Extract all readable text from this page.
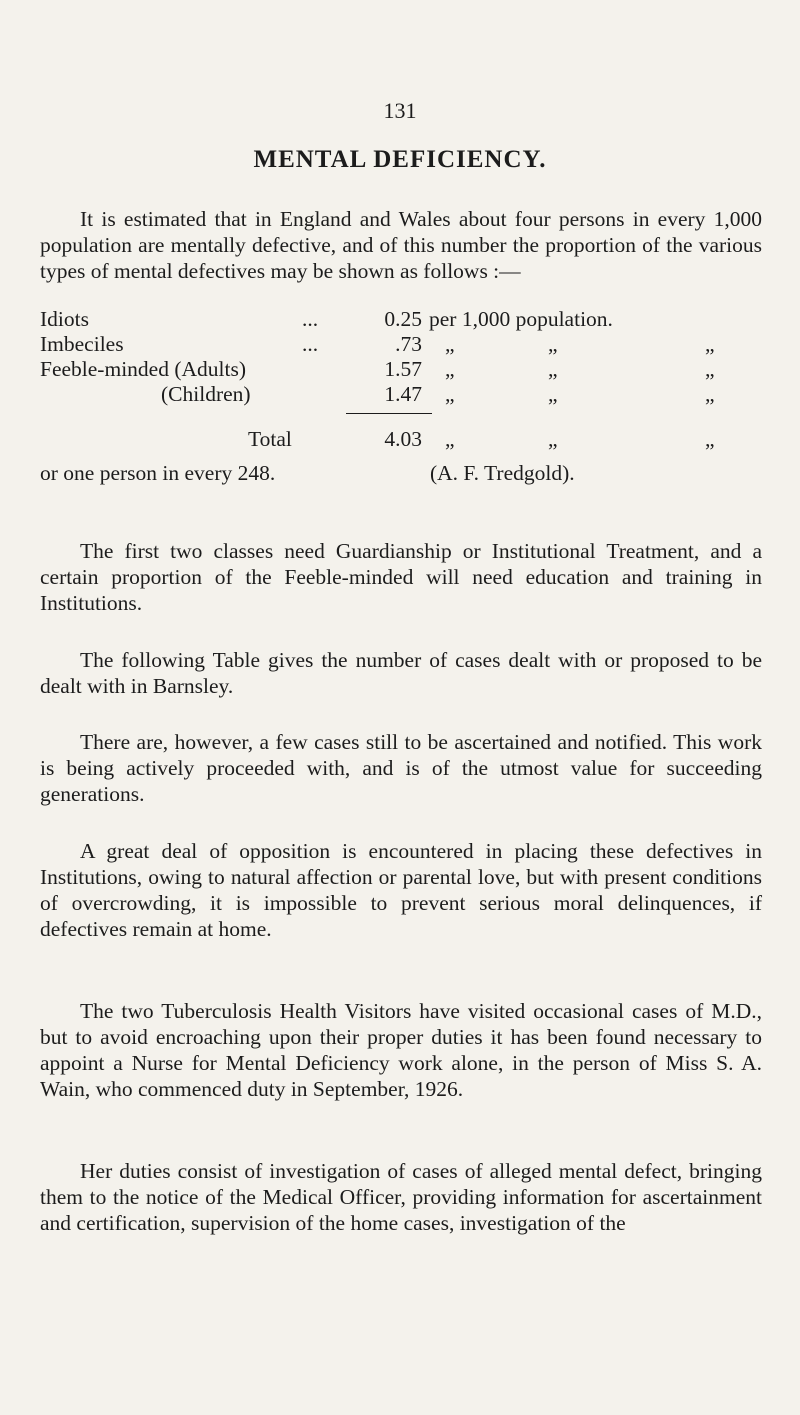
131
MENTAL DEFICIENCY.

It is estimated that in England and Wales about four persons in every 1,000 population are mentally defective, and of this number the proportion of the various types of mental defectives may be shown as follows :—

Idiots	...	0.25 per 1,000 population.
Imbeciles	...	.73 „	„	„
Feeble-minded (Adults)	1.57 „	„	„
(Children)	1.47 „	„	„
Total	4.03 „	„	„
or one person in every 248.	(A. F. Tredgold).

The first two classes need Guardianship or Institutional Treatment, and a certain proportion of the Feeble-minded will need education and training in Institutions.

The following Table gives the number of cases dealt with or proposed to be dealt with in Barnsley.

There are, however, a few cases still to be ascertained and notified. This work is being actively proceeded with, and is of the utmost value for succeeding generations.

A great deal of opposition is encountered in placing these defectives in Institutions, owing to natural affection or parental love, but with present conditions of overcrowding, it is impossible to prevent serious moral delinquences, if defectives remain at home.

The two Tuberculosis Health Visitors have visited occasional cases of M.D., but to avoid encroaching upon their proper duties it has been found necessary to appoint a Nurse for Mental Deficiency work alone, in the person of Miss S. A. Wain, who commenced duty in September, 1926.

Her duties consist of investigation of cases of alleged mental defect, bringing them to the notice of the Medical Officer, providing information for ascertainment and certification, supervision of the home cases, investigation of the
